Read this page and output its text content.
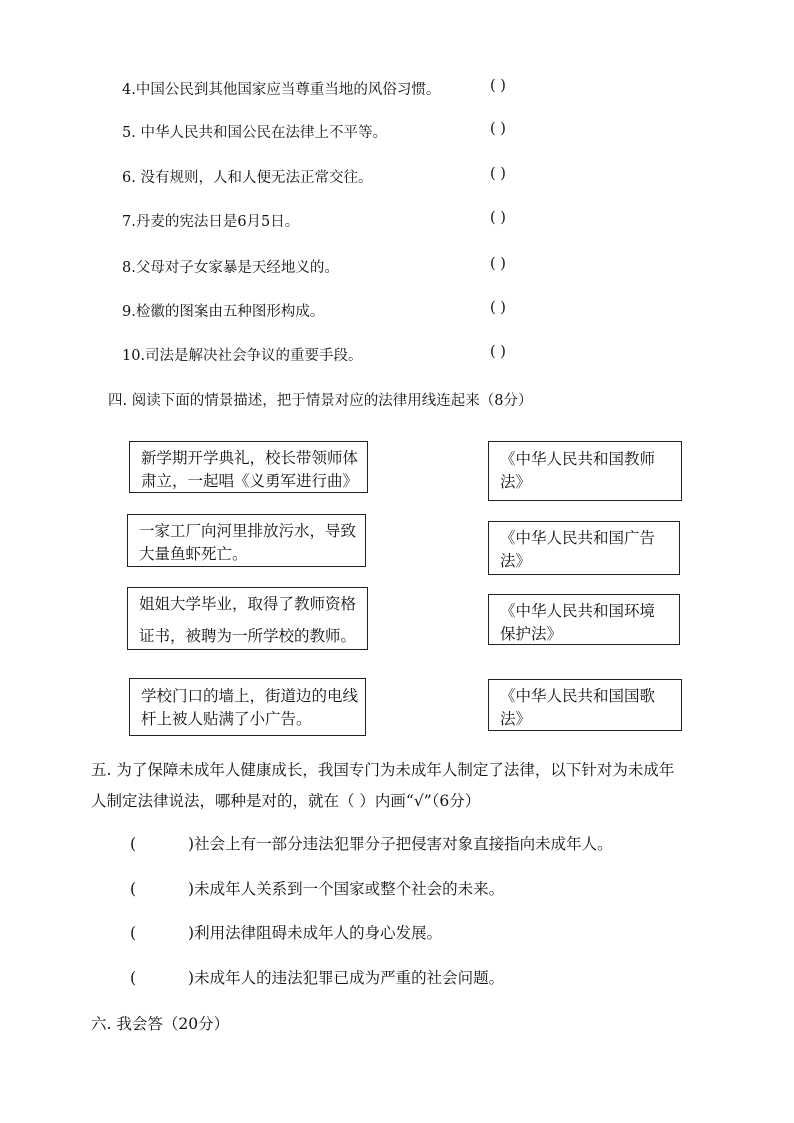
4.中国公民到其他国家应当尊重当地的风俗习惯。	( )
5. 中华人民共和国公民在法律上不平等。	( )
6. 没有规则，人和人便无法正常交往。	( )
7.丹麦的宪法日是6月5日。	( )
8.父母对子女家暴是天经地义的。	( )
9.检徽的图案由五种图形构成。	( )
10.司法是解决社会争议的重要手段。	( )
四. 阅读下面的情景描述，把于情景对应的法律用线连起来（8分）
新学期开学典礼，校长带领师体
肃立，一起唱《义勇军进行曲》
一家工厂向河里排放污水，导致
大量鱼虾死亡。
姐姐大学毕业，取得了教师资格
证书，被聘为一所学校的教师。
学校门口的墙上，街道边的电线
杆上被人贴满了小广告。
《中华人民共和国教师
法》
《中华人民共和国广告
法》
《中华人民共和国环境
保护法》
《中华人民共和国国歌
法》
五. 为了保障未成年人健康成长，我国专门为未成年人制定了法律，以下针对为未成年
人制定法律说法，哪种是对的，就在（ ）内画“√”（6分）
(	)社会上有一部分违法犯罪分子把侵害对象直接指向未成年人。
(	)未成年人关系到一个国家或整个社会的未来。
(	)利用法律阻碍未成年人的身心发展。
(	)未成年人的违法犯罪已成为严重的社会问题。
六. 我会答（20分）
